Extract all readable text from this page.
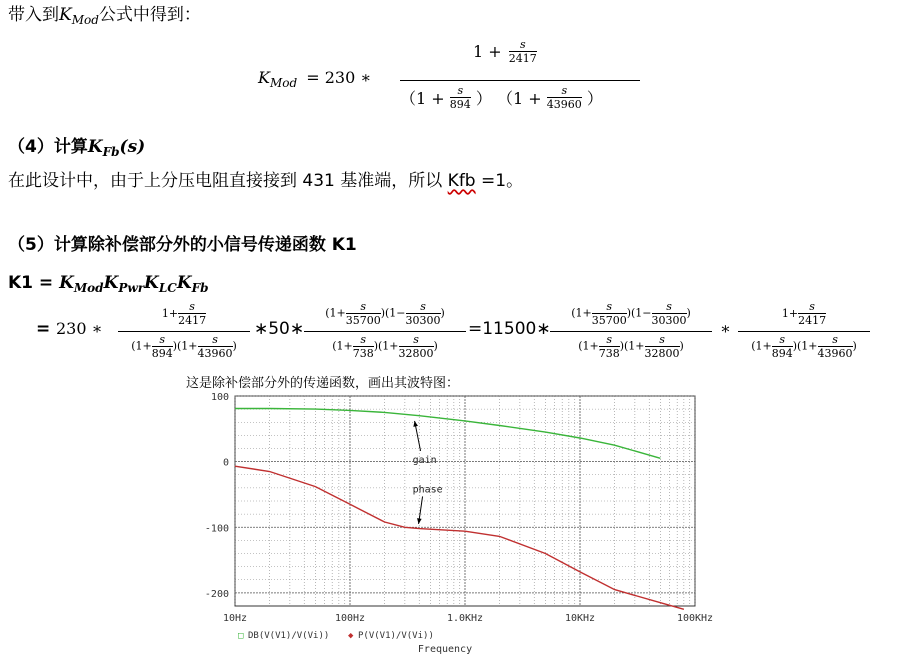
带入到$K_{Mod}$公式中得到：
$K_{Mod} = 230$ ∗
$1 + \frac{s}{2417}$
（$1 + \frac{s}{894}$ ） （$1 + \frac{s}{43960}$ ）
（4）计算$K_{Fb}(s)$
在此设计中，由于上分压电阻直接接到 431 基准端，所以 Kfb =1。
（5）计算除补偿部分外的小信号传递函数 K1
$K1 = K_{Mod}K_{Pwr}K_{LC}K_{Fb}$
= 230 ∗
$1+ \frac{s}{2417}$
$(1+ \frac{s}{894} )(1+ \frac{s}{43960}$ )
∗50∗
$(1+ \frac{s}{35700} )(1- \frac{s}{30300}$ )
$(1+ \frac{s}{738} )(1+ \frac{s}{32800}$ )
=11500∗
$(1+ \frac{s}{35700} )(1- \frac{s}{30300}$ )
$(1+ \frac{s}{738} )(1+ \frac{s}{32800}$ )
∗
$1+ \frac{s}{2417}$
$(1+ \frac{s}{894} )(1+ \frac{s}{43960}$ )
这是除补偿部分外的传递函数，画出其波特图：
100
0
-100
-200
10Hz	100Hz	1.0KHz	10KHz	100KHz
Frequency
gain
phase
□ DB(V(V1)/V(Vi)) ◆ P(V(V1)/V(Vi))
